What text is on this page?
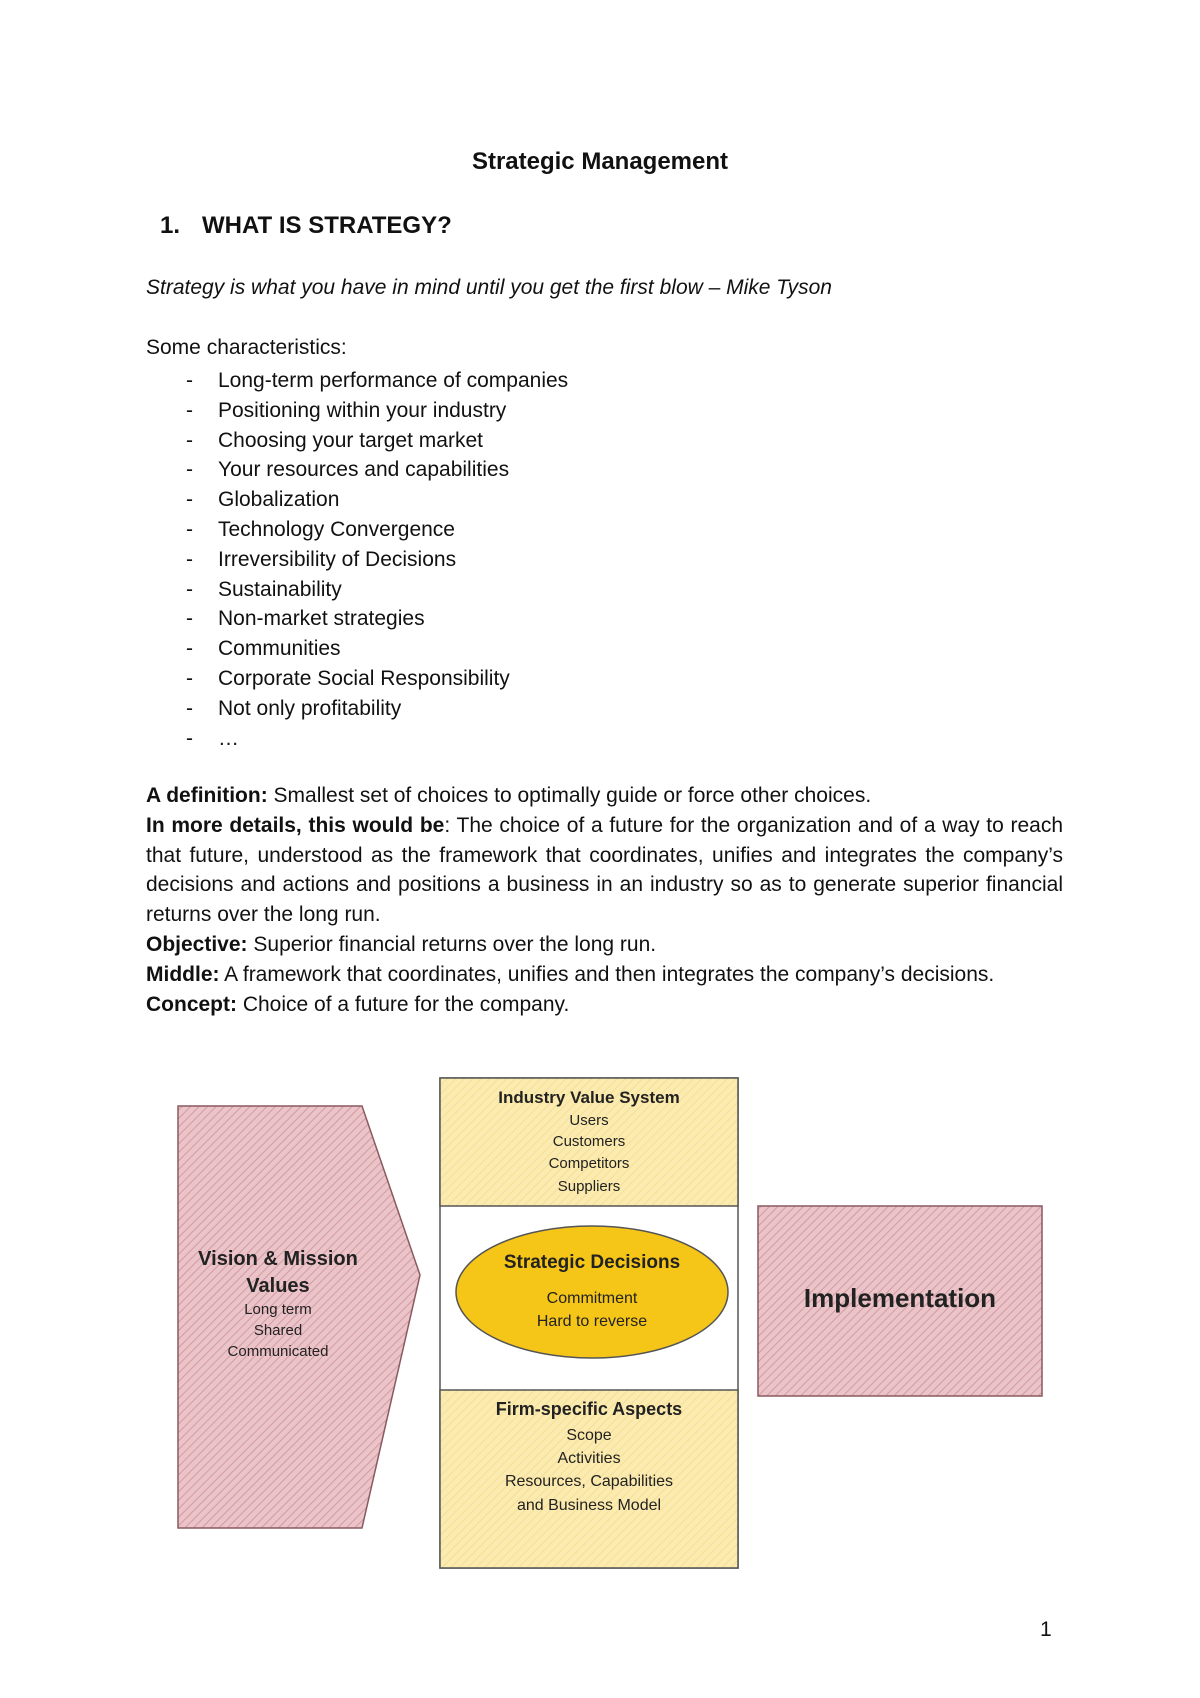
Strategic Management
1. WHAT IS STRATEGY?
Strategy is what you have in mind until you get the first blow – Mike Tyson
Some characteristics:
- Long-term performance of companies
- Positioning within your industry
- Choosing your target market
- Your resources and capabilities
- Globalization
- Technology Convergence
- Irreversibility of Decisions
- Sustainability
- Non-market strategies
- Communities
- Corporate Social Responsibility
- Not only profitability
- …

A definition: Smallest set of choices to optimally guide or force other choices.

In more details, this would be: The choice of a future for the organization and of a way to reach that future, understood as the framework that coordinates, unifies and integrates the company’s decisions and actions and positions a business in an industry so as to generate superior financial returns over the long run.

Objective: Superior financial returns over the long run.

Middle: A framework that coordinates, unifies and then integrates the company’s decisions.

Concept: Choice of a future for the company.

Vision & Mission
Values
Long term
Shared
Communicated
Industry Value System
Users
Customers
Competitors
Suppliers
Strategic Decisions
Commitment
Hard to reverse
Firm-specific Aspects
Scope
Activities
Resources, Capabilities
and Business Model
Implementation
1
